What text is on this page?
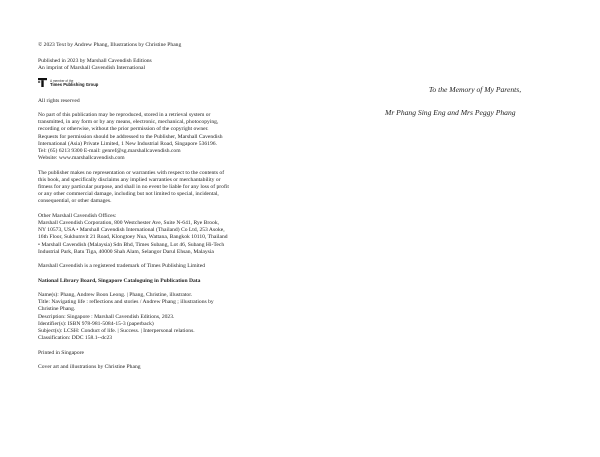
© 2023 Text by Andrew Phang, Illustrations by Christine Phang

Published in 2023 by Marshall Cavendish Editions

An imprint of Marshall Cavendish International

A member of the
Times Publishing Group

All rights reserved

No part of this publication may be reproduced, stored in a retrieval system or

transmitted, in any form or by any means, electronic, mechanical, photocopying,

recording or otherwise, without the prior permission of the copyright owner.

Requests for permission should be addressed to the Publisher, Marshall Cavendish

International (Asia) Private Limited, 1 New Industrial Road, Singapore 536196.

Tel: (65) 6213 9300 E-mail: genref@sg.marshallcavendish.com

Website: www.marshallcavendish.com

The publisher makes no representation or warranties with respect to the contents of

this book, and specifically disclaims any implied warranties or merchantability or

fitness for any particular purpose, and shall in no event be liable for any loss of profit

or any other commercial damage, including but not limited to special, incidental,

consequential, or other damages.

Other Marshall Cavendish Offices:

Marshall Cavendish Corporation, 800 Westchester Ave, Suite N-641, Rye Brook,

NY 10573, USA • Marshall Cavendish International (Thailand) Co Ltd, 253 Asoke,

16th Floor, Sukhumvit 21 Road, Klongtoey Nua, Wattana, Bangkok 10110, Thailand

• Marshall Cavendish (Malaysia) Sdn Bhd, Times Subang, Lot 46, Subang Hi-Tech

Industrial Park, Batu Tiga, 40000 Shah Alam, Selangor Darul Ehsan, Malaysia

Marshall Cavendish is a registered trademark of Times Publishing Limited

National Library Board, Singapore Cataloguing in Publication Data

Name(s): Phang, Andrew Boon Leong. | Phang, Christine, illustrator.

Title: Navigating life : reflections and stories / Andrew Phang ; illustrations by

Christine Phang.

Description: Singapore : Marshall Cavendish Editions, 2023.

Identifier(s): ISBN 978-981-5084-15-3 (paperback)

Subject(s): LCSH: Conduct of life. | Success. | Interpersonal relations.

Classification: DDC 158.1--dc23

Printed in Singapore

Cover art and illustrations by Christine Phang

To the Memory of My Parents,

Mr Phang Sing Eng and Mrs Peggy Phang
